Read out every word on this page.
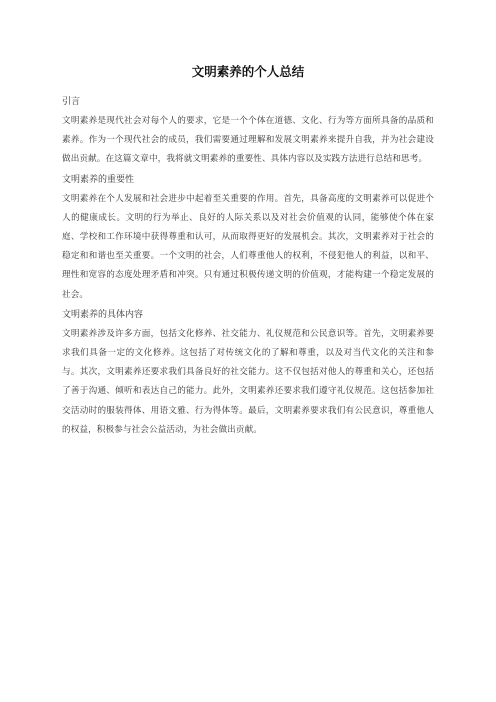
文明素养的个人总结
引言

文明素养是现代社会对每个人的要求，它是一个个体在道德、文化、行为等方面所具备的品质和素养。作为一个现代社会的成员，我们需要通过理解和发展文明素养来提升自我，并为社会建设做出贡献。在这篇文章中，我将就文明素养的重要性、具体内容以及实践方法进行总结和思考。

文明素养的重要性

文明素养在个人发展和社会进步中起着至关重要的作用。首先，具备高度的文明素养可以促进个人的健康成长。文明的行为举止、良好的人际关系以及对社会价值观的认同，能够使个体在家庭、学校和工作环境中获得尊重和认可，从而取得更好的发展机会。其次，文明素养对于社会的稳定和和谐也至关重要。一个文明的社会，人们尊重他人的权利，不侵犯他人的利益，以和平、理性和宽容的态度处理矛盾和冲突。只有通过积极传递文明的价值观，才能构建一个稳定发展的社会。

文明素养的具体内容

文明素养涉及许多方面，包括文化修养、社交能力、礼仪规范和公民意识等。首先，文明素养要求我们具备一定的文化修养。这包括了对传统文化的了解和尊重，以及对当代文化的关注和参与。其次，文明素养还要求我们具备良好的社交能力。这不仅包括对他人的尊重和关心，还包括了善于沟通、倾听和表达自己的能力。此外，文明素养还要求我们遵守礼仪规范。这包括参加社交活动时的服装得体、用语文雅、行为得体等。最后，文明素养要求我们有公民意识，尊重他人的权益，积极参与社会公益活动，为社会做出贡献。
